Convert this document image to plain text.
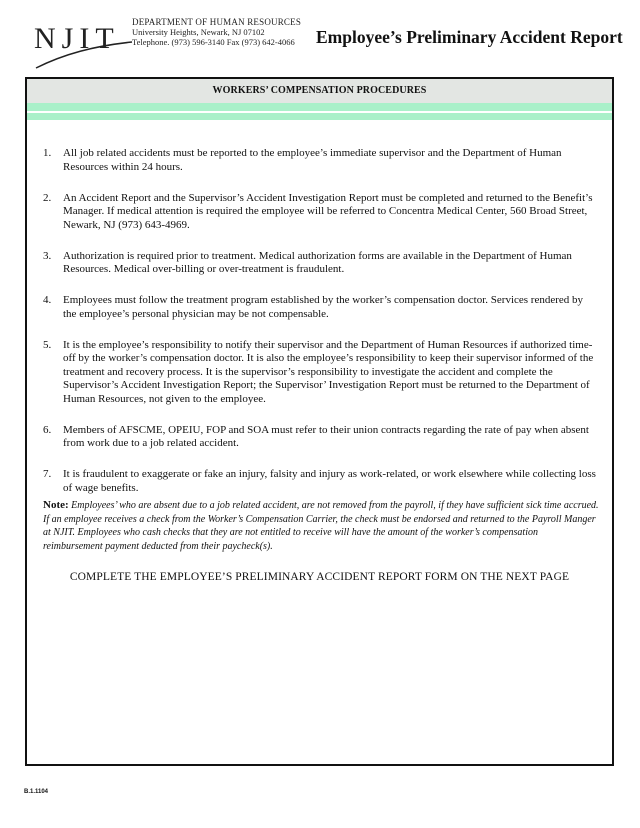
NJIT DEPARTMENT OF HUMAN RESOURCES
University Heights, Newark, NJ 07102
Telephone. (973) 596-3140 Fax (973) 642-4066	Employee’s Preliminary Accident Report
WORKERS’ COMPENSATION PROCEDURES
1. All job related accidents must be reported to the employee’s immediate supervisor and the Department of Human Resources within 24 hours.
2. An Accident Report and the Supervisor’s Accident Investigation Report must be completed and returned to the Benefit’s Manager. If medical attention is required the employee will be referred to Concentra Medical Center, 560 Broad Street, Newark, NJ (973) 643-4969.
3. Authorization is required prior to treatment. Medical authorization forms are available in the Department of Human Resources. Medical over-billing or over-treatment is fraudulent.
4. Employees must follow the treatment program established by the worker’s compensation doctor. Services rendered by the employee’s personal physician may be not compensable.
5. It is the employee’s responsibility to notify their supervisor and the Department of Human Resources if authorized time-off by the worker’s compensation doctor. It is also the employee’s responsibility to keep their supervisor informed of the treatment and recovery process. It is the supervisor’s responsibility to investigate the accident and complete the Supervisor’s Accident Investigation Report; the Supervisor’ Investigation Report must be returned to the Department of Human Resources, not given to the employee.
6. Members of AFSCME, OPEIU, FOP and SOA must refer to their union contracts regarding the rate of pay when absent from work due to a job related accident.
7. It is fraudulent to exaggerate or fake an injury, falsity and injury as work-related, or work elsewhere while collecting loss of wage benefits.
Note: Employees’ who are absent due to a job related accident, are not removed from the payroll, if they have sufficient sick time accrued. If an employee receives a check from the Worker’s Compensation Carrier, the check must be endorsed and returned to the Payroll Manger at NJIT. Employees who cash checks that they are not entitled to receive will have the amount of the worker’s compensation reimbursement payment deducted from their paycheck(s).
COMPLETE THE EMPLOYEE’S PRELIMINARY ACCIDENT REPORT FORM ON THE NEXT PAGE
B.1.1104
